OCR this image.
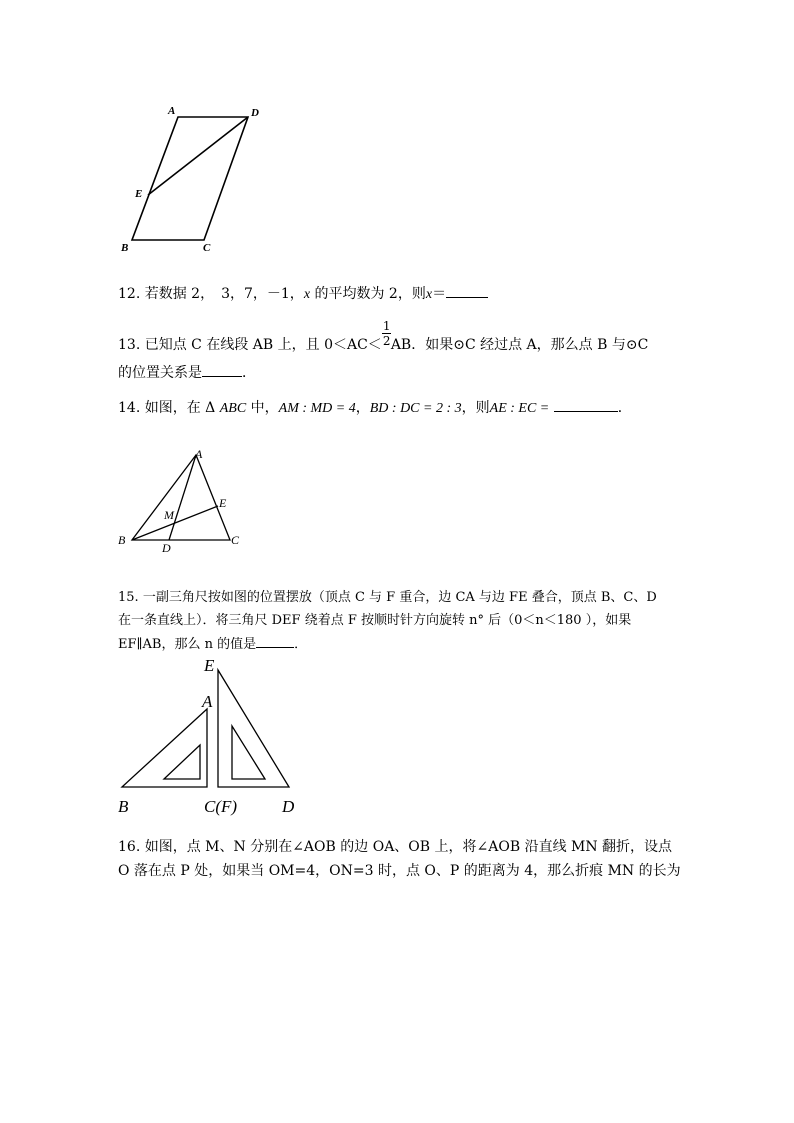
A	D
E
B	C
12. 若数据 2，　3，7，－1，x 的平均数为 2，则x＝
13. 已知点 C 在线段 AB 上，且 $0<AC< \frac{1}{2}$ AB．如果⊙C 经过点 A，那么点 B 与⊙C
的位置关系是	．
14. 如图，在 Δ ABC 中，AM : MD = 4，BD : DC = 2 : 3，则AE : EC =	．
A
E
M
B
D
C
15. 一副三角尺按如图的位置摆放（顶点 C 与 F 重合，边 CA 与边 FE 叠合，顶点 B、C、D
在一条直线上）．将三角尺 DEF 绕着点 F 按顺时针方向旋转 n° 后（0＜n＜180 ），如果
EF∥AB，那么 n 的值是	．
E
A
B	C(F)	D
16. 如图，点 M、N 分别在∠AOB 的边 OA、OB 上，将∠AOB 沿直线 MN 翻折，设点
O 落在点 P 处，如果当 OM=4，ON=3 时，点 O、P 的距离为 4，那么折痕 MN 的长为
